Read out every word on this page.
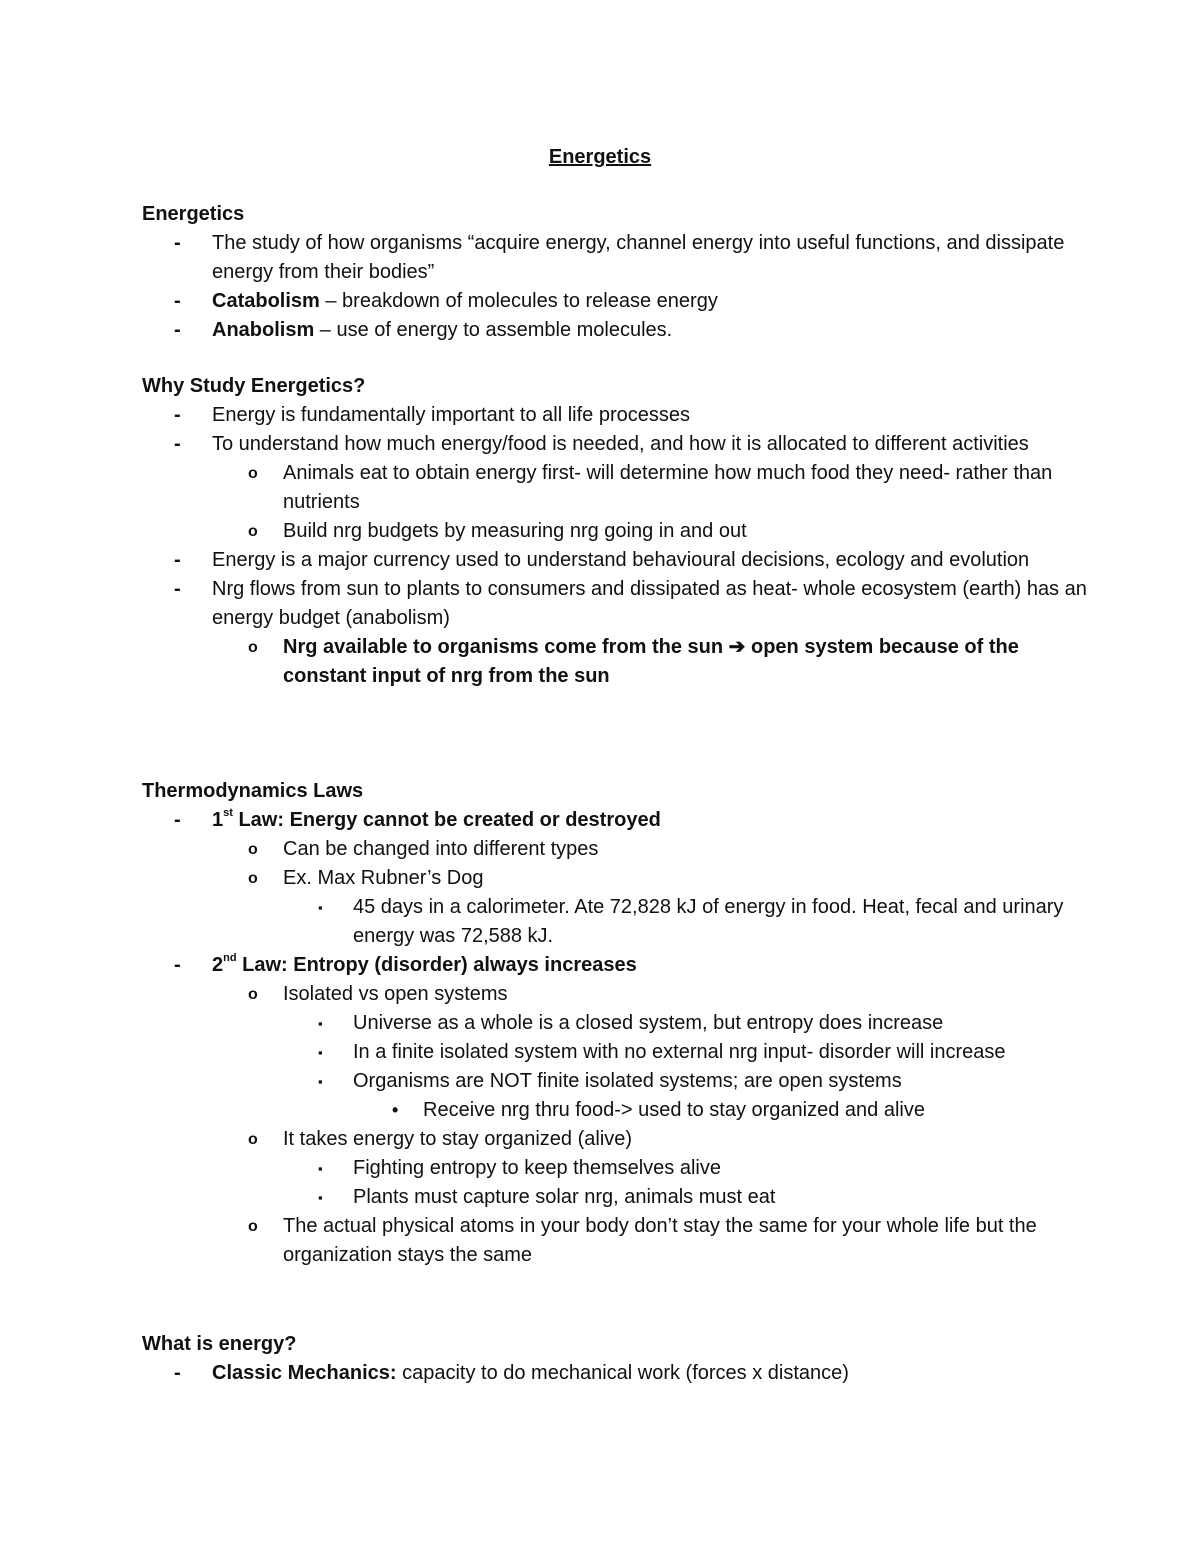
Energetics
Energetics
- The study of how organisms “acquire energy, channel energy into useful functions, and dissipate energy from their bodies”
- Catabolism – breakdown of molecules to release energy
- Anabolism – use of energy to assemble molecules.
Why Study Energetics?
- Energy is fundamentally important to all life processes
- To understand how much energy/food is needed, and how it is allocated to different activities
o Animals eat to obtain energy first- will determine how much food they need- rather than nutrients
o Build nrg budgets by measuring nrg going in and out
- Energy is a major currency used to understand behavioural decisions, ecology and evolution
- Nrg flows from sun to plants to consumers and dissipated as heat- whole ecosystem (earth) has an energy budget (anabolism)
o Nrg available to organisms come from the sun ➔ open system because of the constant input of nrg from the sun
Thermodynamics Laws
- 1st Law: Energy cannot be created or destroyed
o Can be changed into different types
o Ex. Max Rubner’s Dog
▪ 45 days in a calorimeter. Ate 72,828 kJ of energy in food. Heat, fecal and urinary energy was 72,588 kJ.
- 2nd Law: Entropy (disorder) always increases
o Isolated vs open systems
▪ Universe as a whole is a closed system, but entropy does increase
▪ In a finite isolated system with no external nrg input- disorder will increase
▪ Organisms are NOT finite isolated systems; are open systems
• Receive nrg thru food-> used to stay organized and alive
o It takes energy to stay organized (alive)
▪ Fighting entropy to keep themselves alive
▪ Plants must capture solar nrg, animals must eat
o The actual physical atoms in your body don’t stay the same for your whole life but the organization stays the same
What is energy?
- Classic Mechanics: capacity to do mechanical work (forces x distance)
